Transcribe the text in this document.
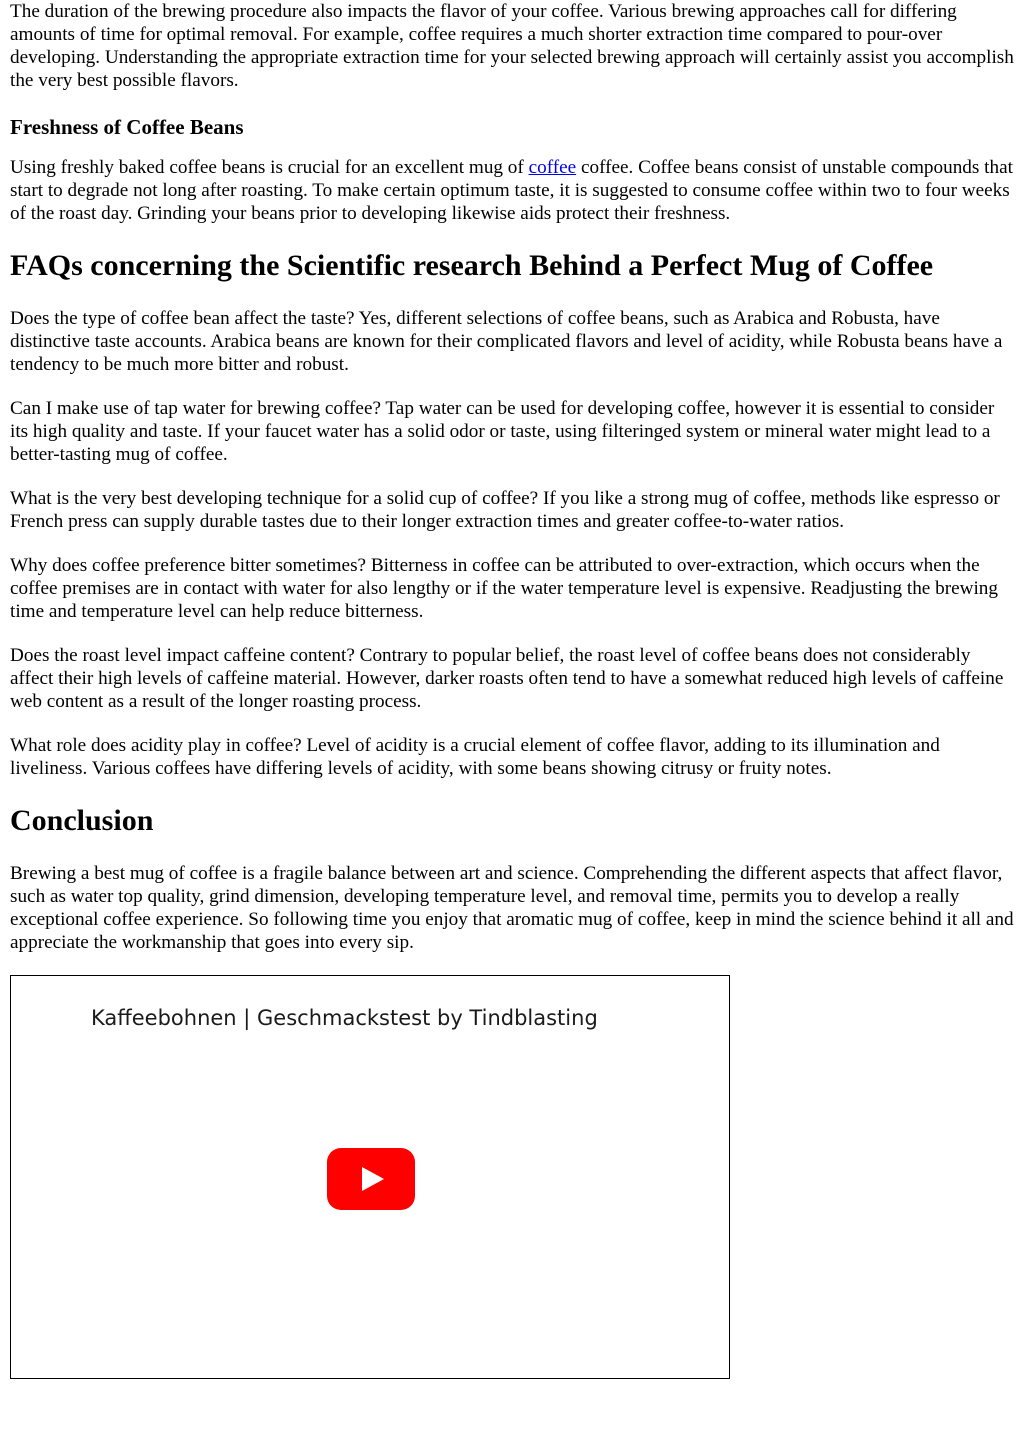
The duration of the brewing procedure also impacts the flavor of your coffee. Various brewing approaches call for differing amounts of time for optimal removal. For example, coffee requires a much shorter extraction time compared to pour-over developing. Understanding the appropriate extraction time for your selected brewing approach will certainly assist you accomplish the very best possible flavors.

Freshness of Coffee Beans

Using freshly baked coffee beans is crucial for an excellent mug of coffee coffee. Coffee beans consist of unstable compounds that start to degrade not long after roasting. To make certain optimum taste, it is suggested to consume coffee within two to four weeks of the roast day. Grinding your beans prior to developing likewise aids protect their freshness.

FAQs concerning the Scientific research Behind a Perfect Mug of Coffee

Does the type of coffee bean affect the taste? Yes, different selections of coffee beans, such as Arabica and Robusta, have distinctive taste accounts. Arabica beans are known for their complicated flavors and level of acidity, while Robusta beans have a tendency to be much more bitter and robust.

Can I make use of tap water for brewing coffee? Tap water can be used for developing coffee, however it is essential to consider its high quality and taste. If your faucet water has a solid odor or taste, using filteringed system or mineral water might lead to a better-tasting mug of coffee.

What is the very best developing technique for a solid cup of coffee? If you like a strong mug of coffee, methods like espresso or French press can supply durable tastes due to their longer extraction times and greater coffee-to-water ratios.

Why does coffee preference bitter sometimes? Bitterness in coffee can be attributed to over-extraction, which occurs when the coffee premises are in contact with water for also lengthy or if the water temperature level is expensive. Readjusting the brewing time and temperature level can help reduce bitterness.

Does the roast level impact caffeine content? Contrary to popular belief, the roast level of coffee beans does not considerably affect their high levels of caffeine material. However, darker roasts often tend to have a somewhat reduced high levels of caffeine web content as a result of the longer roasting process.

What role does acidity play in coffee? Level of acidity is a crucial element of coffee flavor, adding to its illumination and liveliness. Various coffees have differing levels of acidity, with some beans showing citrusy or fruity notes.

Conclusion

Brewing a best mug of coffee is a fragile balance between art and science. Comprehending the different aspects that affect flavor, such as water top quality, grind dimension, developing temperature level, and removal time, permits you to develop a really exceptional coffee experience. So following time you enjoy that aromatic mug of coffee, keep in mind the science behind it all and appreciate the workmanship that goes into every sip.

Kaffeebohnen | Geschmackstest by Tindblasting
